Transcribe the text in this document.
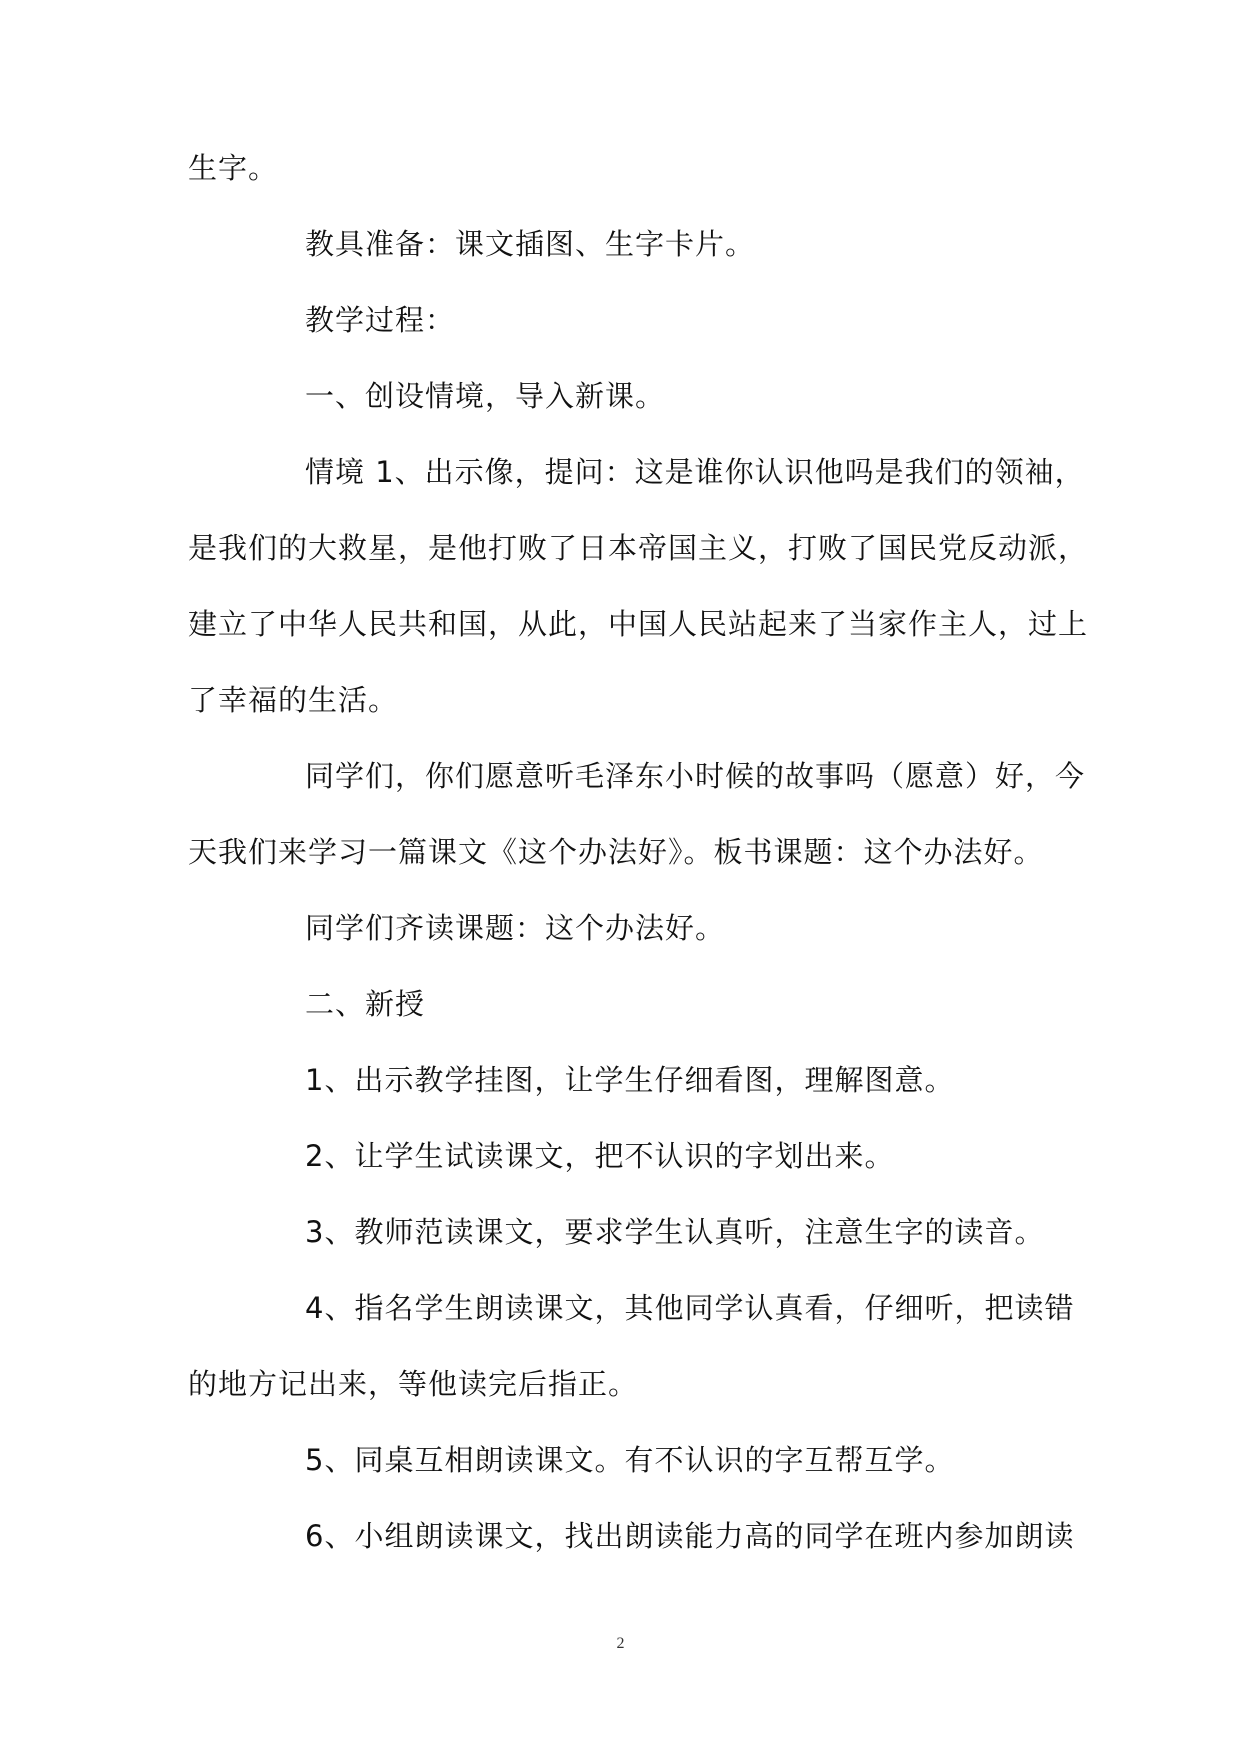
生字。
教具准备：课文插图、生字卡片。
教学过程：
一、创设情境，导入新课。
情境 1、出示像，提问：这是谁你认识他吗是我们的领袖，
是我们的大救星，是他打败了日本帝国主义，打败了国民党反动派，
建立了中华人民共和国，从此，中国人民站起来了当家作主人，过上
了幸福的生活。
同学们，你们愿意听毛泽东小时候的故事吗（愿意）好，今
天我们来学习一篇课文《这个办法好》。板书课题：这个办法好。
同学们齐读课题：这个办法好。
二、新授
1、出示教学挂图，让学生仔细看图，理解图意。
2、让学生试读课文，把不认识的字划出来。
3、教师范读课文，要求学生认真听，注意生字的读音。
4、指名学生朗读课文，其他同学认真看，仔细听，把读错
的地方记出来，等他读完后指正。
5、同桌互相朗读课文。有不认识的字互帮互学。
6、小组朗读课文，找出朗读能力高的同学在班内参加朗读
2
